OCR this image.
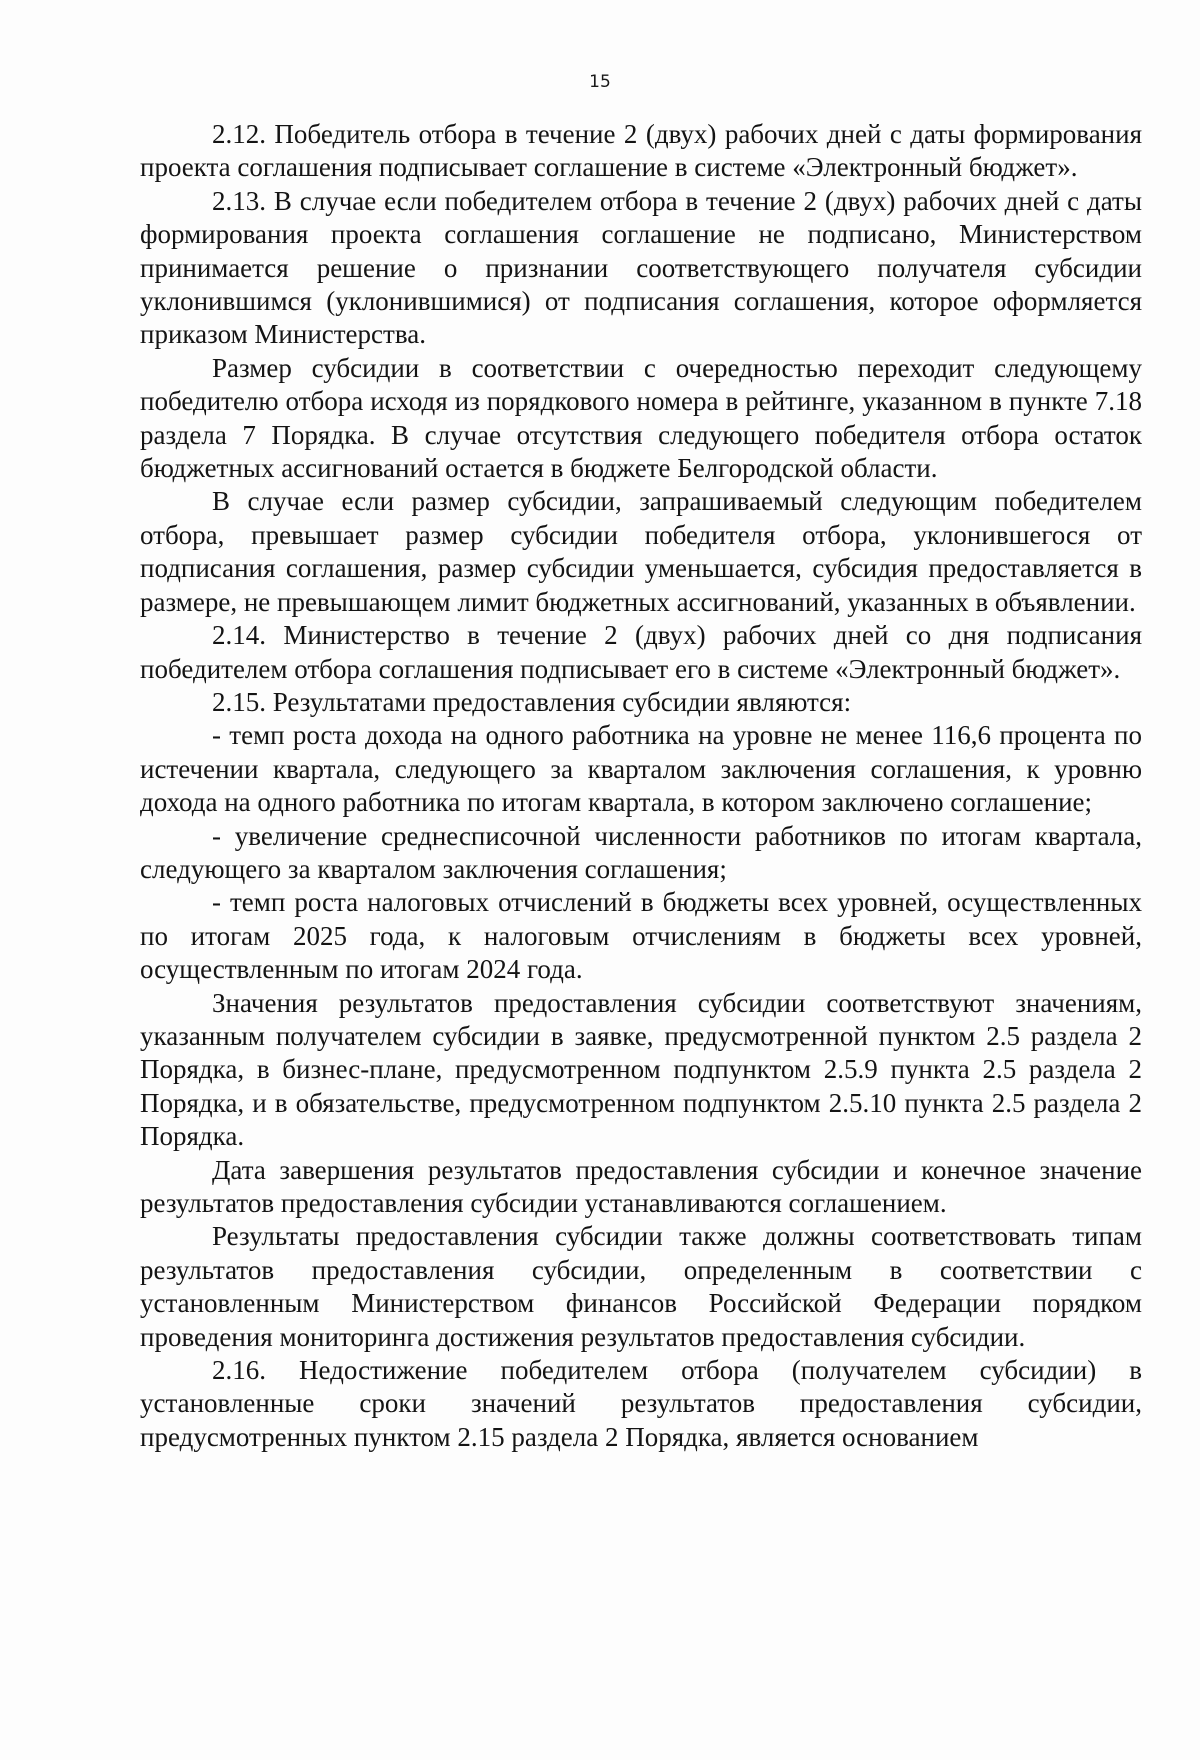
15

2.12. Победитель отбора в течение 2 (двух) рабочих дней с даты формирования проекта соглашения подписывает соглашение в системе «Электронный бюджет».

2.13. В случае если победителем отбора в течение 2 (двух) рабочих дней с даты формирования проекта соглашения соглашение не подписано, Министерством принимается решение о признании соответствующего получателя субсидии уклонившимся (уклонившимися) от подписания соглашения, которое оформляется приказом Министерства.

Размер субсидии в соответствии с очередностью переходит следующему победителю отбора исходя из порядкового номера в рейтинге, указанном в пункте 7.18 раздела 7 Порядка. В случае отсутствия следующего победителя отбора остаток бюджетных ассигнований остается в бюджете Белгородской области.

В случае если размер субсидии, запрашиваемый следующим победителем отбора, превышает размер субсидии победителя отбора, уклонившегося от подписания соглашения, размер субсидии уменьшается, субсидия предоставляется в размере, не превышающем лимит бюджетных ассигнований, указанных в объявлении.

2.14. Министерство в течение 2 (двух) рабочих дней со дня подписания победителем отбора соглашения подписывает его в системе «Электронный бюджет».

2.15. Результатами предоставления субсидии являются:

- темп роста дохода на одного работника на уровне не менее 116,6 процента по истечении квартала, следующего за кварталом заключения соглашения, к уровню дохода на одного работника по итогам квартала, в котором заключено соглашение;

- увеличение среднесписочной численности работников по итогам квартала, следующего за кварталом заключения соглашения;

- темп роста налоговых отчислений в бюджеты всех уровней, осуществленных по итогам 2025 года, к налоговым отчислениям в бюджеты всех уровней, осуществленным по итогам 2024 года.

Значения результатов предоставления субсидии соответствуют значениям, указанным получателем субсидии в заявке, предусмотренной пунктом 2.5 раздела 2 Порядка, в бизнес-плане, предусмотренном подпунктом 2.5.9 пункта 2.5 раздела 2 Порядка, и в обязательстве, предусмотренном подпунктом 2.5.10 пункта 2.5 раздела 2 Порядка.

Дата завершения результатов предоставления субсидии и конечное значение результатов предоставления субсидии устанавливаются соглашением.

Результаты предоставления субсидии также должны соответствовать типам результатов предоставления субсидии, определенным в соответствии с установленным Министерством финансов Российской Федерации порядком проведения мониторинга достижения результатов предоставления субсидии.

2.16. Недостижение победителем отбора (получателем субсидии) в установленные сроки значений результатов предоставления субсидии, предусмотренных пунктом 2.15 раздела 2 Порядка, является основанием
